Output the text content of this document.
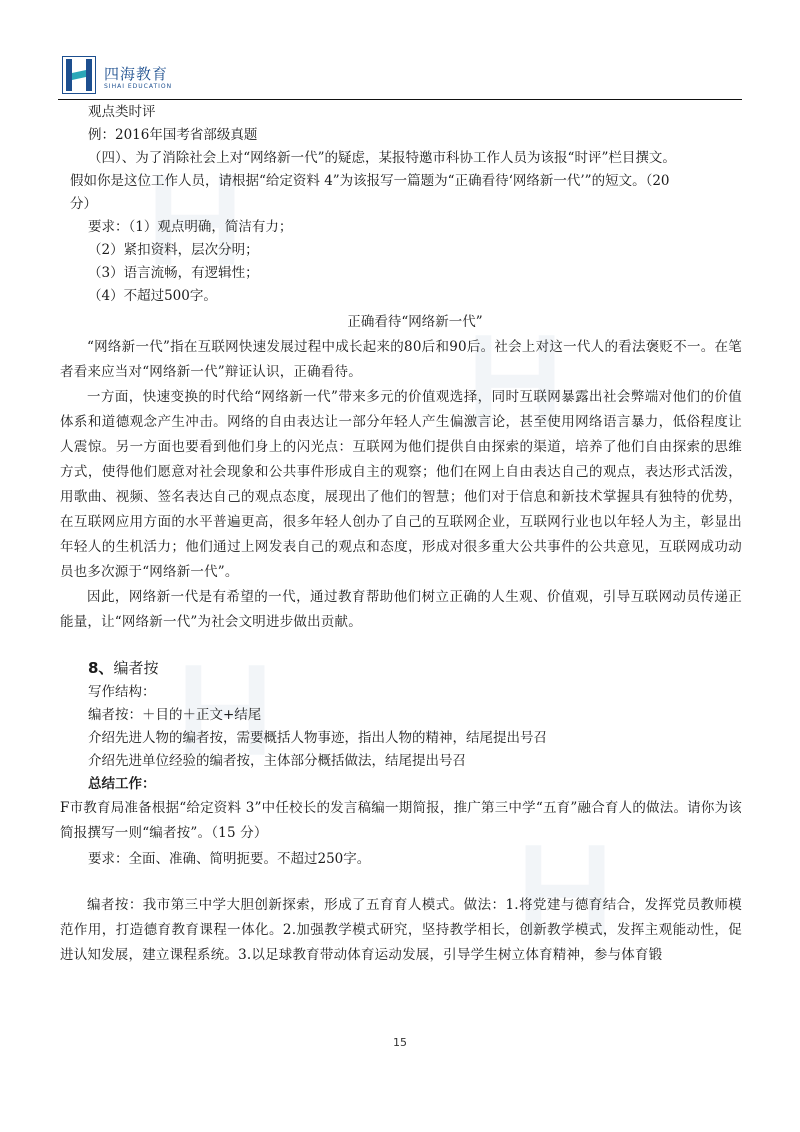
四海教育
SIHAI EDUCATION
观点类时评
例：2016年国考省部级真题
（四）、为了消除社会上对“网络新一代”的疑虑，某报特邀市科协工作人员为该报“时评”栏目撰文。
假如你是这位工作人员，请根据“给定资料 4”为该报写一篇题为“正确看待‘网络新一代’”的短文。（20
分）
要求：（1）观点明确，简洁有力；
（2）紧扣资料，层次分明；
（3）语言流畅，有逻辑性；
（4）不超过500字。
正确看待“网络新一代”

“网络新一代”指在互联网快速发展过程中成长起来的80后和90后。社会上对这一代人的看法褒贬不一。在笔者看来应当对“网络新一代”辩证认识，正确看待。

一方面，快速变换的时代给“网络新一代”带来多元的价值观选择，同时互联网暴露出社会弊端对他们的价值体系和道德观念产生冲击。网络的自由表达让一部分年轻人产生偏激言论，甚至使用网络语言暴力，低俗程度让人震惊。另一方面也要看到他们身上的闪光点：互联网为他们提供自由探索的渠道，培养了他们自由探索的思维方式，使得他们愿意对社会现象和公共事件形成自主的观察；他们在网上自由表达自己的观点，表达形式活泼，用歌曲、视频、签名表达自己的观点态度，展现出了他们的智慧；他们对于信息和新技术掌握具有独特的优势，在互联网应用方面的水平普遍更高，很多年轻人创办了自己的互联网企业，互联网行业也以年轻人为主，彰显出年轻人的生机活力；他们通过上网发表自己的观点和态度，形成对很多重大公共事件的公共意见，互联网成功动员也多次源于“网络新一代”。

因此，网络新一代是有希望的一代，通过教育帮助他们树立正确的人生观、价值观，引导互联网动员传递正能量，让“网络新一代”为社会文明进步做出贡献。

8、编者按
写作结构：
编者按：＋目的＋正文+结尾
介绍先进人物的编者按，需要概括人物事迹，指出人物的精神，结尾提出号召
介绍先进单位经验的编者按，主体部分概括做法，结尾提出号召
总结工作：

F市教育局准备根据“给定资料 3”中任校长的发言稿编一期简报，推广第三中学“五育”融合育人的做法。请你为该简报撰写一则“编者按”。（15 分）

要求：全面、准确、简明扼要。不超过250字。

编者按：我市第三中学大胆创新探索，形成了五育育人模式。做法：1.将党建与德育结合，发挥党员教师模范作用，打造德育教育课程一体化。2.加强教学模式研究，坚持教学相长，创新教学模式，发挥主观能动性，促进认知发展，建立课程系统。3.以足球教育带动体育运动发展，引导学生树立体育精神，参与体育锻

15
